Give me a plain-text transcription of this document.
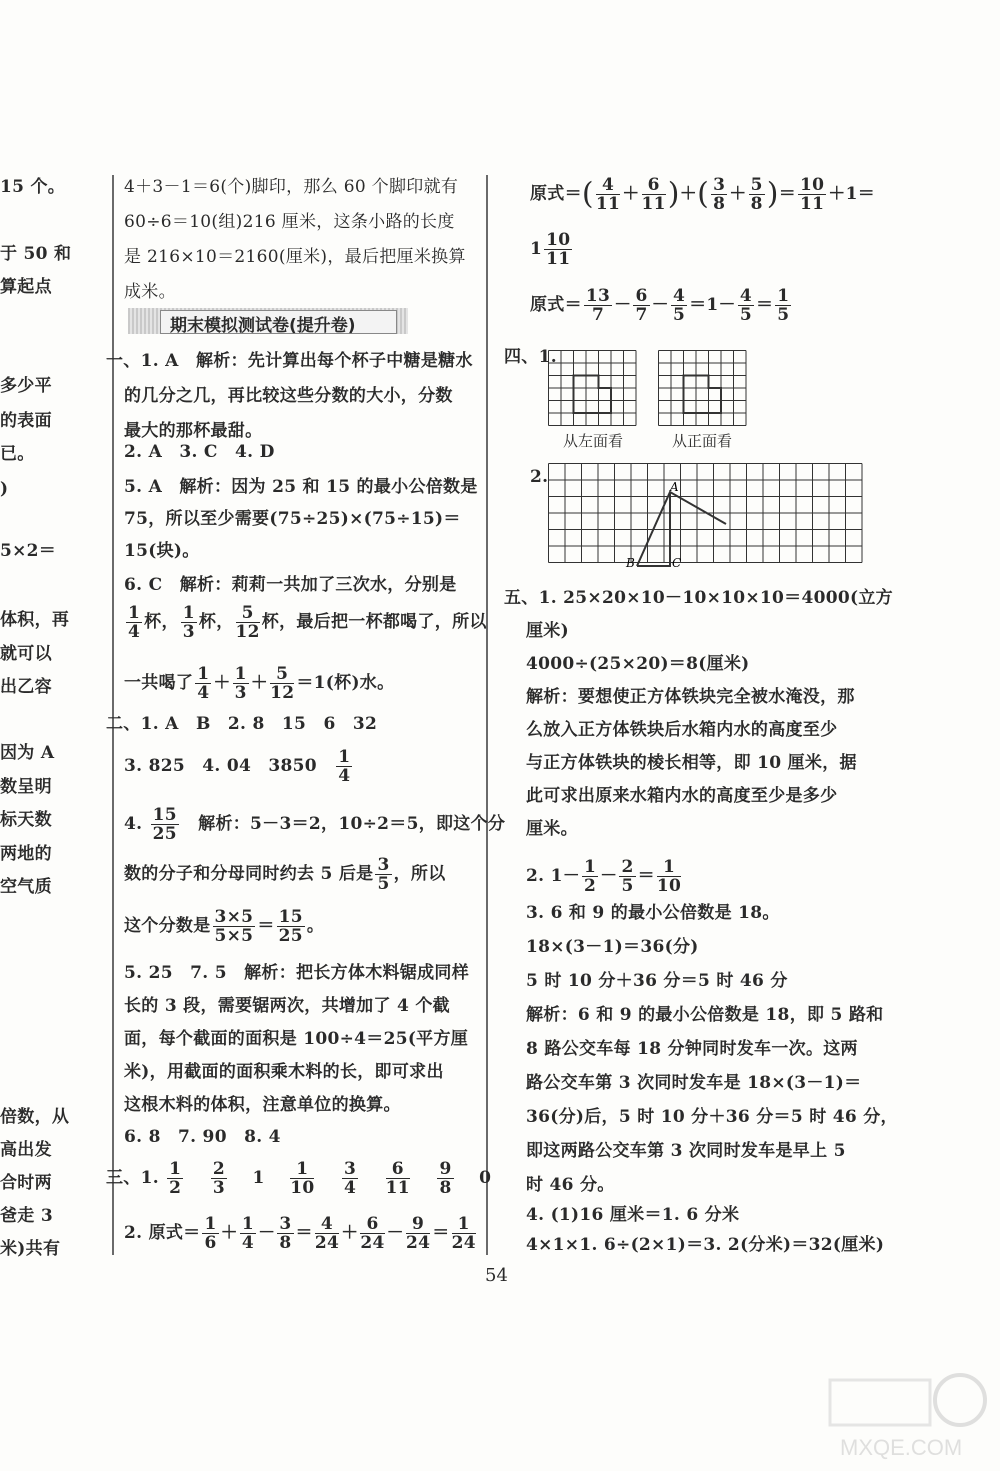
15 个。
于 50 和
算起点
多少平
的表面
已。
)
5×2＝
体积，再
就可以
出乙容
因为 A
数呈明
标天数
两地的
空气质
倍数，从
高出发
合时两
爸走 3
米)共有
4＋3－1＝6(个)脚印，那么 60 个脚印就有
60÷6＝10(组)216 厘米，这条小路的长度
是 216×10＝2160(厘米)，最后把厘米换算
成米。
期末模拟测试卷(提升卷)
一、1. A　解析：先计算出每个杯子中糖是糖水
的几分之几，再比较这些分数的大小，分数
最大的那杯最甜。
2. A　3. C　4. D
5. A　解析：因为 25 和 15 的最小公倍数是
75，所以至少需要(75÷25)×(75÷15)＝
15(块)。
6. C　解析：莉莉一共加了三次水，分别是
$\frac{1}{4}$ 杯， $\frac{1}{3}$ 杯， $\frac{5}{12}$ 杯，最后把一杯都喝了，所以
一共喝了 $\frac{1}{4} + \frac{1}{3} + \frac{5}{12} =1$(杯)水。
二、1. A　B　2. 8　15　6　32
3. 825　4. 04　3850　 $\frac{1}{4}$
4. $\frac{15}{25}$
　 解析：5－3＝2，10÷2＝5，即这个分
数的分子和分母同时约去 5 后是 $\frac{3}{5}$ ，所以
这个分数是 $\frac{3\times 5}{5\times 5} = \frac{15}{25}$ 。
5. 25　7. 5　解析：把长方体木料锯成同样
长的 3 段，需要锯两次，共增加了 4 个截
面，每个截面的面积是 100÷4＝25(平方厘
米)，用截面的面积乘木料的长，即可求出
这根木料的体积，注意单位的换算。
6. 8　7. 90　8. 4
三、1. $\frac{1}{2}$
　 $\frac{2}{3}$
　 1　 $\frac{1}{10}$
　 $\frac{3}{4}$
　 $\frac{6}{11}$
　 $\frac{9}{8}$
　 0
2. 原式＝ $\frac{1}{6} + \frac{1}{4} - \frac{3}{8} = \frac{4}{24} + \frac{6}{24} - \frac{9}{24} = \frac{1}{24}$
原式＝( $\frac{4}{11} + \frac{6}{11}$ )＋( $\frac{3}{8} + \frac{5}{8}$ )＝ $\frac{10}{11} +1=$
$1 \frac{10}{11}$
原式＝ $\frac{13}{7} - \frac{6}{7} - \frac{4}{5} =1- \frac{4}{5} = \frac{1}{5}$
四、1.
从左面看	从正面看
2.	A
B	C
五、1. 25×20×10－10×10×10＝4000(立方
厘米)
4000÷(25×20)＝8(厘米)
解析：要想使正方体铁块完全被水淹没，那
么放入正方体铁块后水箱内水的高度至少
与正方体铁块的棱长相等，即 10 厘米，据
此可求出原来水箱内水的高度至少是多少
厘米。
2. $1- \frac{1}{2} - \frac{2}{5} = \frac{1}{10}$
3. 6 和 9 的最小公倍数是 18。
18×(3－1)＝36(分)
5 时 10 分＋36 分＝5 时 46 分
解析：6 和 9 的最小公倍数是 18，即 5 路和
8 路公交车每 18 分钟同时发车一次。这两
路公交车第 3 次同时发车是 18×(3－1)＝
36(分)后，5 时 10 分＋36 分＝5 时 46 分，
即这两路公交车第 3 次同时发车是早上 5
时 46 分。
4. (1)16 厘米＝1. 6 分米
4×1×1. 6÷(2×1)＝3. 2(分米)＝32(厘米)
54
MXQE.COM
